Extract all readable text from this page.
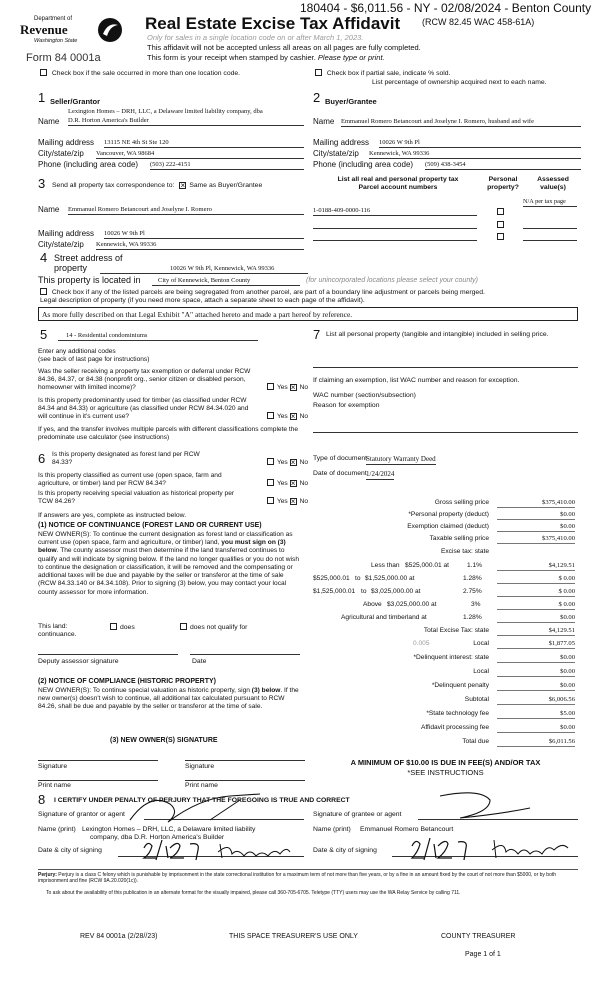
180404 - $6,011.56 - NY - 02/08/2024 - Benton County
Department of
Revenue
Washington State
Form 84 0001a
Real Estate Excise Tax Affidavit (RCW 82.45 WAC 458-61A)
Only for sales in a single location code on or after March 1, 2023.
This affidavit will not be accepted unless all areas on all pages are fully completed.
This form is your receipt when stamped by cashier. Please type or print.
Check box if the sale occurred in more than one location code.	Check box if partial sale, indicate % sold.
List percentage of ownership acquired next to each name.
1 Seller/Grantor
Lexington Homes – DRH, LLC, a Delaware limited liability company, dba
Name D.R. Horton America's Builder
Mailing address 13115 NE 4th St Ste 120
City/state/zip Vancouver, WA 98684
Phone (including area code) (503) 222-4151
2 Buyer/Grantee
Name Emmanuel Romero Betancourt and Joselyne I. Romero, husband and wife
Mailing address 10026 W 9th Pl
City/state/zip Kennewick, WA 99336
Phone (including area code) (509) 438-3454
3 Send all property tax correspondence to: × Same as Buyer/Grantee
Name Emmanuel Romero Betancourt and Joselyne I. Romero
Mailing address 10026 W 9th Pl
City/state/zip Kennewick, WA 99336
List all real and personal property tax
Parcel account numbers
Personal
property?
Assessed
value(s)
1-0188-409-0000-116
N/A per tax page
4 Street address of
property	10026 W 9th Pl, Kennewick, WA 99336
This property is located in	City of Kennewick, Benton County	(for unincorporated locations please select your county)
Check box if any of the listed parcels are being segregated from another parcel, are part of a boundary line adjustment or parcels being merged.
Legal description of property (if you need more space, attach a separate sheet to each page of the affidavit).
As more fully described on that Legal Exhibit "A" attached hereto and made a part hereof by reference.
5	14 - Residential condominiums
Enter any additional codes
(see back of last page for instructions)
Was the seller receiving a property tax exemption or deferral under RCW 84.36, 84.37, or 84.38 (nonprofit org., senior citizen or disabled person, homeowner with limited income)?	Yes × No
Is this property predominantly used for timber (as classified under RCW 84.34 and 84.33) or agriculture (as classified under RCW 84.34.020 and will continue in it's current use?	Yes × No
If yes, and the transfer involves multiple parcels with different classifications complete the predominate use calculator (see instructions)
6 Is this property designated as forest land per RCW 84.33?	Yes × No
Is this property classified as current use (open space, farm and agriculture, or timber) land per RCW 84.34?	Yes × No
Is this property receiving special valuation as historical property per TCW 84.26?	Yes × No
If answers are yes, complete as instructed below.
(1) NOTICE OF CONTINUANCE (FOREST LAND OR CURRENT USE)
NEW OWNER(S): To continue the current designation as forest land or classification as current use (open space, farm and agriculture, or timber) land, you must sign on (3) below. The county assessor must then determine if the land transferred continues to qualify and will indicate by signing below. If the land no longer qualifies or you do not wish to continue the designation or classification, it will be removed and the compensating or additional taxes will be due and payable by the seller or transferor at the time of sale (RCW 84.33.140 or 84.34.108). Prior to signing (3) below, you may contact your local county assessor for more information.
This land:	does	does not qualify for
continuance.
Deputy assessor signature	Date
(2) NOTICE OF COMPLIANCE (HISTORIC PROPERTY)
NEW OWNER(S): To continue special valuation as historic property, sign (3) below. If the new owner(s) doesn't wish to continue, all additional tax calculated pursuant to RCW 84.26, shall be due and payable by the seller or transferor at the time of sale.
(3) NEW OWNER(S) SIGNATURE
Signature	Signature
Print name	Print name
7 List all personal property (tangible and intangible) included in selling price.
If claiming an exemption, list WAC number and reason for exception.
WAC number (section/subsection)
Reason for exemption
Type of document
Statutory Warranty Deed
Date of document 1/24/2024
Gross selling price	$375,410.00
*Personal property (deduct)	$0.00
Exemption claimed (deduct)	$0.00
Taxable selling price	$375,410.00
Excise tax: state
Less than $525,000.01 at	1.1%	$4,129.51
$525,000.01 to $1,525,000.00 at	1.28%	$ 0.00
$1,525,000.01 to $3,025,000.00 at	2.75%	$ 0.00
Above $3,025,000.00 at	3%	$ 0.00
Agricultural and timberland at	1.28%	$0.00
Total Excise Tax: state	$4,129.51
0.005	Local	$1,877.05
*Delinquent interest: state	$0.00
Local	$0.00
*Delinquent penalty	$0.00
Subtotal	$6,006.56
*State technology fee	$5.00
Affidavit processing fee	$0.00
Total due	$6,011.56
A MINIMUM OF $10.00 IS DUE IN FEE(S) AND/OR TAX
*SEE INSTRUCTIONS
8 I CERTIFY UNDER PENALTY OF PERJURY THAT THE FOREGOING IS TRUE AND CORRECT
Signature of grantor or agent	Signature of grantee or agent
Name (print) Lexington Homes – DRH, LLC, a Delaware limited liability
company, dba D.R. Horton America's Builder
Name (print) Emmanuel Romero Betancourt
Date & city of signing	Date & city of signing
Perjury: Perjury is a class C felony which is punishable by imprisonment in the state correctional institution for a maximum term of not more than five years, or by a fine in an amount fixed by the court of not more than $5000, or by both imprisonment and fine (RCW 9A.20.020(1c)).
To ask about the availability of this publication in an alternate format for the visually impaired, please call 360-705-6705. Teletype (TTY) users may use the WA Relay Service by calling 711.
REV 84 0001a (2/28//23)	THIS SPACE TREASURER'S USE ONLY	COUNTY TREASURER
Page 1 of 1
